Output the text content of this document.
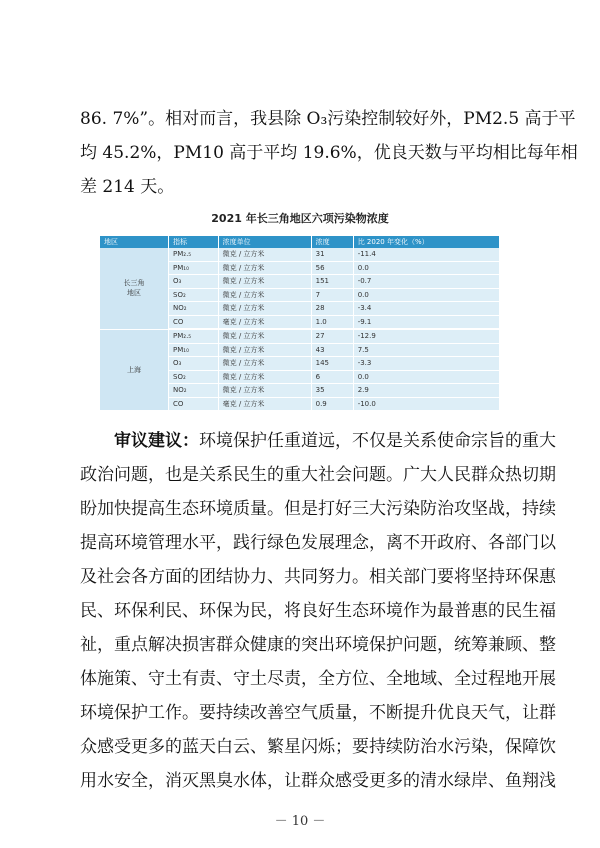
86. 7%”。相对而言，我县除 O₃污染控制较好外，PM2.5 高于平
均 45.2%，PM10 高于平均 19.6%，优良天数与平均相比每年相
差 214 天。
2021 年长三角地区六项污染物浓度
地区	指标	浓度单位	浓度	比 2020 年变化（%）
长三角地区	PM₂.₅	微克 / 立方米	31	-11.4
	PM₁₀	微克 / 立方米	56	0.0
	O₃	微克 / 立方米	151	-0.7
	SO₂	微克 / 立方米	7	0.0
	NO₂	微克 / 立方米	28	-3.4
	CO	毫克 / 立方米	1.0	-9.1
上海	PM₂.₅	微克 / 立方米	27	-12.9
	PM₁₀	微克 / 立方米	43	7.5
	O₃	微克 / 立方米	145	-3.3
	SO₂	微克 / 立方米	6	0.0
	NO₂	微克 / 立方米	35	2.9
	CO	毫克 / 立方米	0.9	-10.0
　　审议建议：环境保护任重道远，不仅是关系使命宗旨的重大
政治问题，也是关系民生的重大社会问题。广大人民群众热切期
盼加快提高生态环境质量。但是打好三大污染防治攻坚战，持续
提高环境管理水平，践行绿色发展理念，离不开政府、各部门以
及社会各方面的团结协力、共同努力。相关部门要将坚持环保惠
民、环保利民、环保为民，将良好生态环境作为最普惠的民生福
祉，重点解决损害群众健康的突出环境保护问题，统筹兼顾、整
体施策、守土有责、守土尽责，全方位、全地域、全过程地开展
环境保护工作。要持续改善空气质量，不断提升优良天气，让群
众感受更多的蓝天白云、繁星闪烁；要持续防治水污染，保障饮
用水安全，消灭黑臭水体，让群众感受更多的清水绿岸、鱼翔浅
－ 10 －
